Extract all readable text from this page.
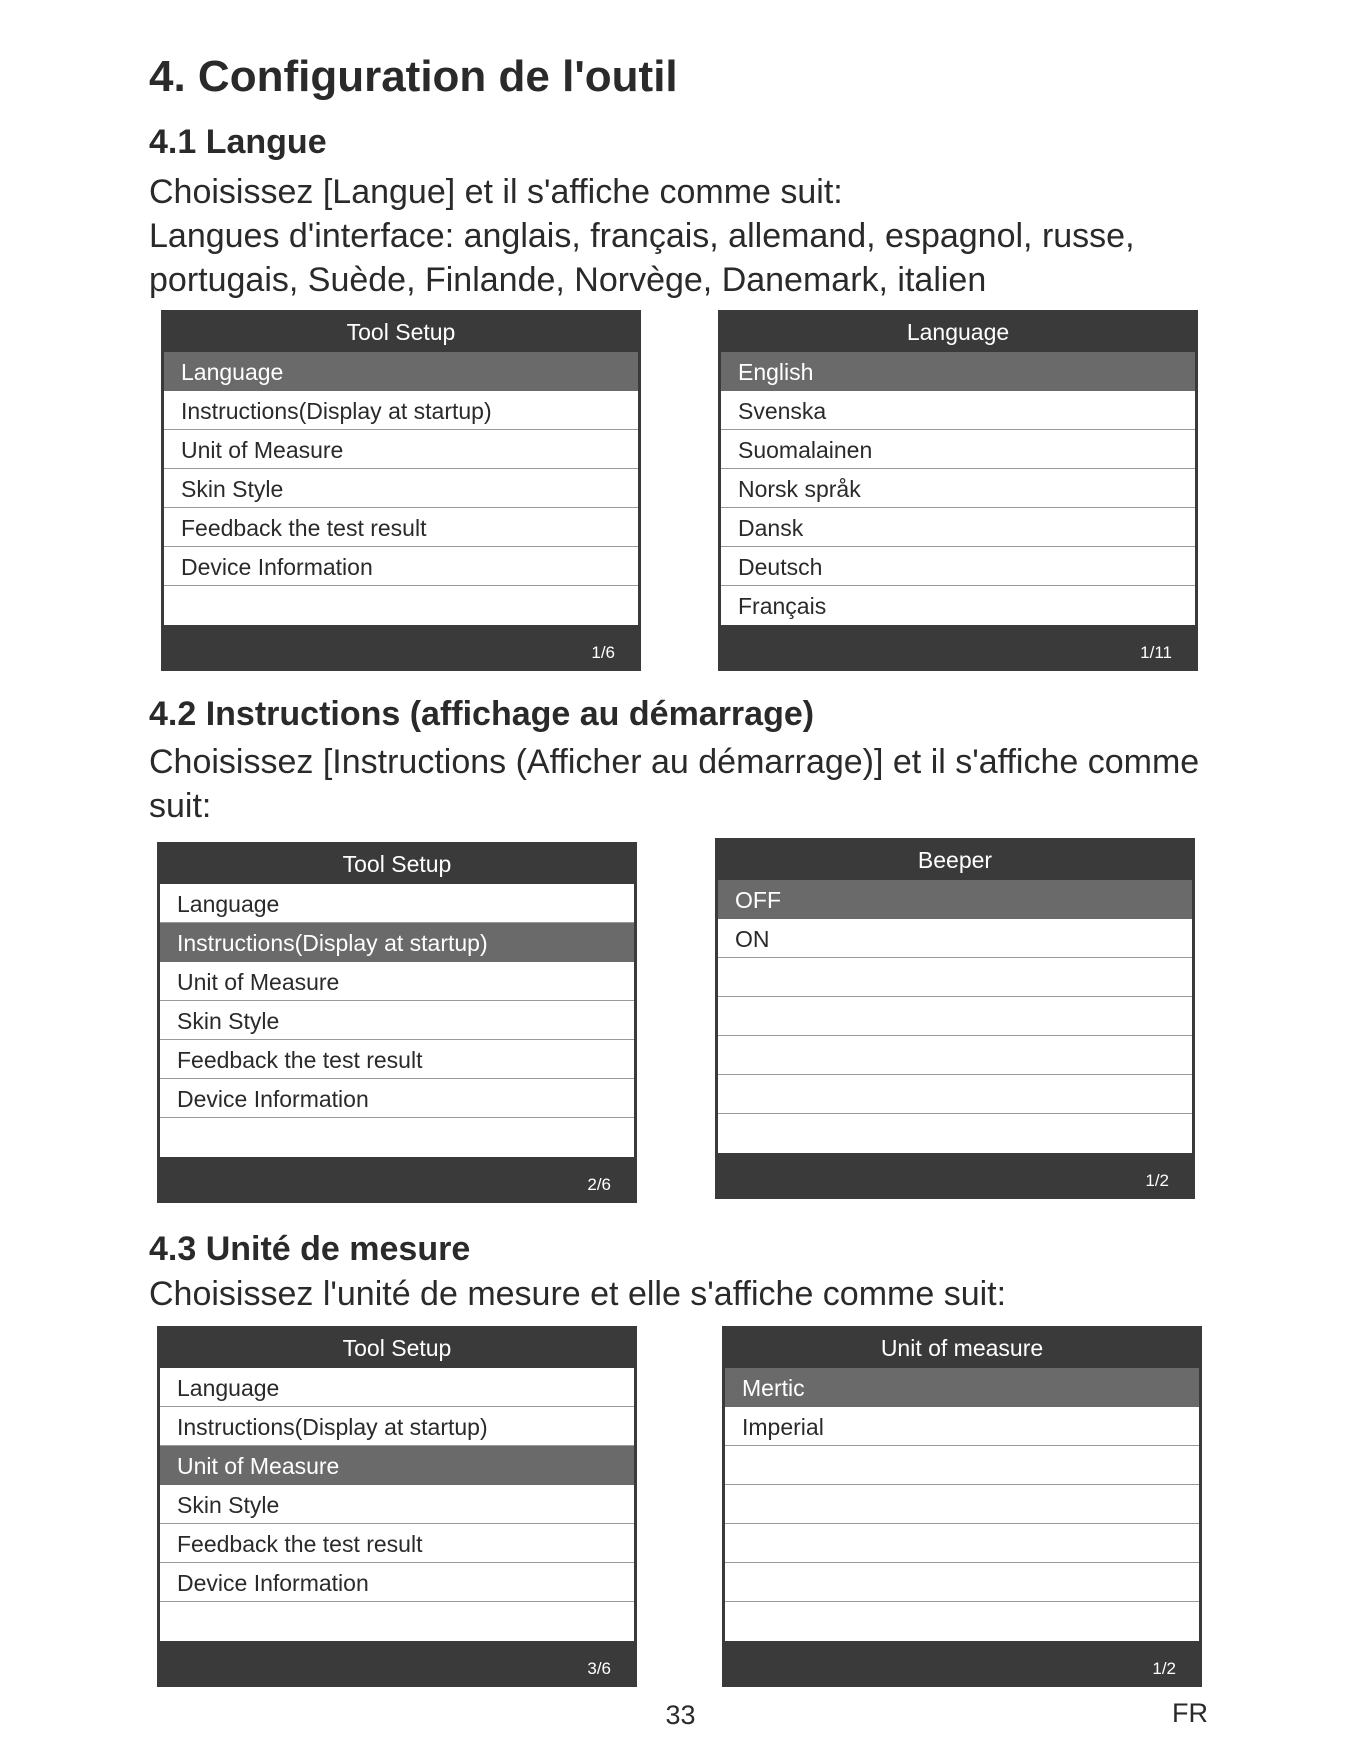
4. Configuration de l'outil
4.1 Langue

Choisissez [Langue] et il s'affiche comme suit:

Langues d'interface: anglais, français, allemand, espagnol, russe, portugais, Suède, Finlande, Norvège, Danemark, italien

Tool Setup
Language
Instructions(Display at startup)
Unit of Measure
Skin Style
Feedback the test result
Device Information
1/6
Language
English
Svenska
Suomalainen
Norsk språk
Dansk
Deutsch
Français
1/11
4.2 Instructions (affichage au démarrage)

Choisissez [Instructions (Afficher au démarrage)] et il s'affiche comme suit:

Tool Setup
Language
Instructions(Display at startup)
Unit of Measure
Skin Style
Feedback the test result
Device Information
2/6
Beeper
OFF
ON
1/2
4.3 Unité de mesure

Choisissez l'unité de mesure et elle s'affiche comme suit:

Tool Setup
Language
Instructions(Display at startup)
Unit of Measure
Skin Style
Feedback the test result
Device Information
3/6
Unit of measure
Mertic
Imperial
1/2
33	FR
